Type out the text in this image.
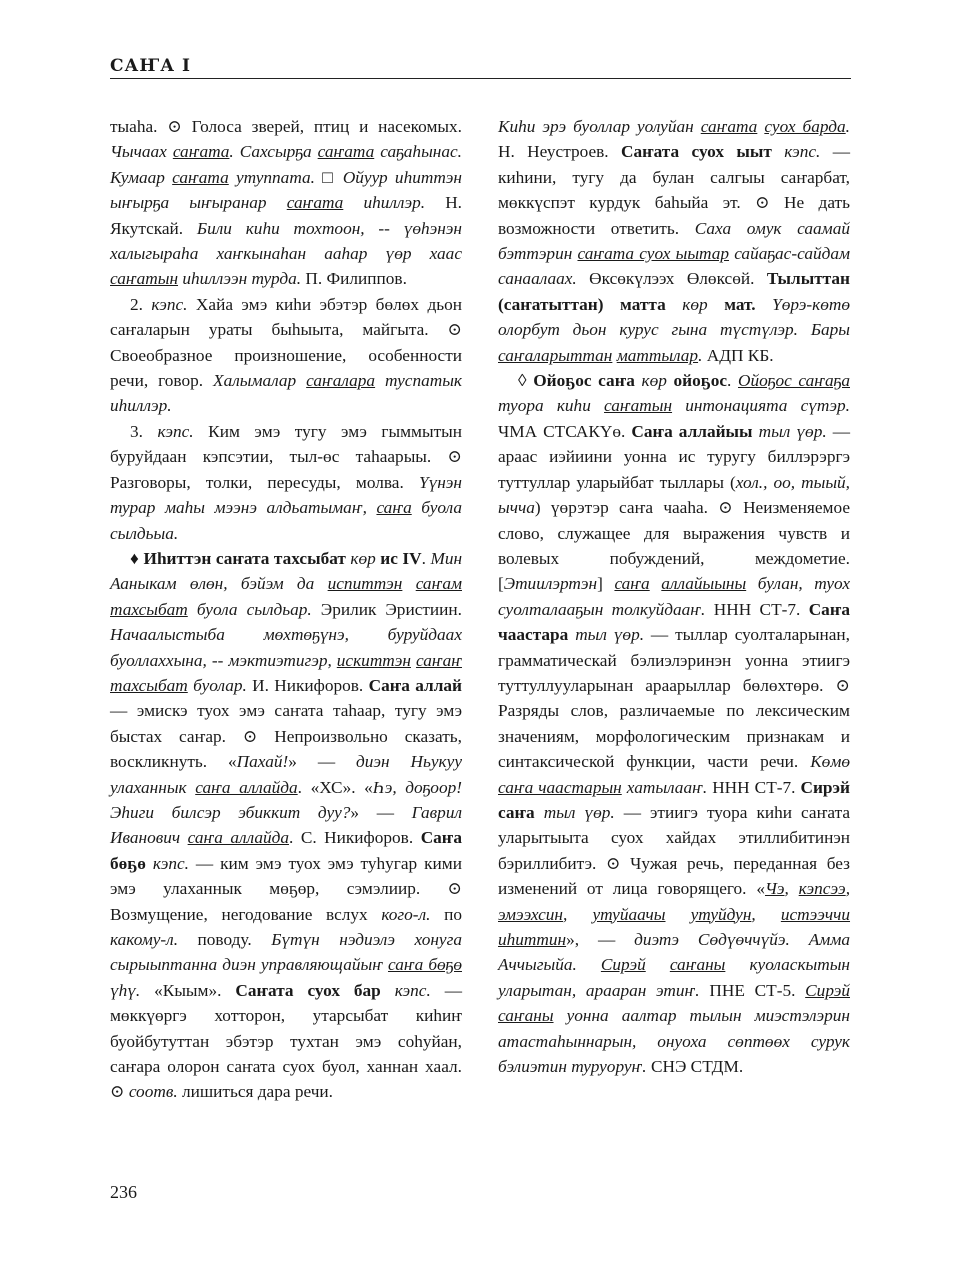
САҤА I

тыаһа. ⊙ Голоса зверей, птиц и насекомых. Чычаах саҥата. Сахсырҕа саҥата саҕаһынас. Кумаар саҥата утуппата. □ Ойуур иһиттэн ыҥырҕа ыҥыранар саҥата иһиллэр. Н. Якутскай. Били киһи тохтоон, -- үөһэнэн халыгыраһа хаҥкынаһан ааһар үөр хаас саҥатын иһиллээн турда. П. Филиппов.

2. кэпс. Хайа эмэ киһи эбэтэр бөлөх дьон саҥаларын ураты быһыыта, майгыта. ⊙ Своеобразное произношение, особенности речи, говор. Халымалар саҥалара туспатык иһиллэр.

3. кэпс. Ким эмэ тугу эмэ гыммытын буруйдаан кэпсэтии, тыл-өс таһаарыы. ⊙ Разговоры, толки, пересуды, молва. Үүнэн турар маһы мээнэ алдьатымаҥ, саҥа буола сылдьыа.

♦ Иһиттэн саҥата тахсыбат көр ис IV. Мин Ааныкам өлөн, бэйэм да испиттэн саҥам тахсыбат буола сылдьар. Эрилик Эристиин. Начаалыстыба мөхтөҕүнэ, буруйдаах буоллаххына, -- мэктиэтигэр, искиттэн саҥаҥ тахсыбат буолар. И. Никифоров. Саҥа аллай — эмискэ туох эмэ саҥата таһаар, тугу эмэ быстах саҥар. ⊙ Непроизвольно сказать, воскликнуть. «Пахай!» — диэн Ньукуу улаханнык саҥа аллайда. «ХС». «Һэ, доҕоор! Эһиги билсэр эбиккит дуу?» — Гаврил Иванович саҥа аллайда. С. Никифоров. Саҥа бөҕө кэпс. — ким эмэ туох эмэ туһугар кими эмэ улаханнык мөҕөр, сэмэлиир. ⊙ Возмущение, негодование вслух кого-л. по какому-л. поводу. Бүтүн нэдиэлэ хонуга сырыыптанна диэн управляющайыҥ саҥа бөҕө үһү. «Кыым». Саҥата суох бар кэпс. — мөккүөргэ хотторон, утарсыбат киһиҥ буойбутуттан эбэтэр тухтан эмэ соһуйан, саҥара олорон саҥата суох буол, ханнан хаал. ⊙ соотв. лишиться дара речи.

Киһи эрэ буоллар уолуйан саҥата суох барда. Н. Неустроев. Саҥата суох ыыт кэпс. — киһини, тугу да булан салгыы саҥарбат, мөккүспэт курдук баһыйа эт. ⊙ Не дать возможности ответить. Саха омук саамай бэттэрин саҥата суох ыытар сайаҕас-сайдам санаалаах. Өксөкүлээх Өлөксөй. Тылыттан (саҥатыттан) матта көр мат. Үөрэ-көтө олорбут дьон курус гына түстүлэр. Бары саҥаларыттан маттылар. АДП КБ.

◊ Ойоҕос саҥа көр ойоҕос. Ойоҕос саҥаҕа туора киһи саҥатын интонацията сүтэр. ЧМА СТСАКҮө. Саҥа аллайыы тыл үөр. — араас иэйиини уонна ис туругу биллэрэргэ туттуллар уларыйбат тыллары (хол., оо, тыый, ычча) үөрэтэр саҥа чааһа. ⊙ Неизменяемое слово, служащее для выражения чувств и волевых побуждений, междометие. [Этиилэртэн] саҥа аллайыыны булан, туох суолталааҕын толкуйдааҥ. ННН СТ-7. Саҥа чаастара тыл үөр. — тыллар суолталарынан, грамматическай бэлиэлэринэн уонна этиигэ туттуллууларынан араарыллар бөлөхтөрө. ⊙ Разряды слов, различаемые по лексическим значениям, морфологическим признакам и синтаксической функции, части речи. Көмө саҥа чаастарын хатылааҥ. ННН СТ-7. Сирэй саҥа тыл үөр. — этиигэ туора киһи саҥата уларытыыта суох хайдах этиллибитинэн бэриллибитэ. ⊙ Чужая речь, переданная без изменений от лица говорящего. «Чэ, кэпсээ, эмээхсин, утуйаачы утуйдун, истээччи иһиттин», — диэтэ Сөдүөччүйэ. Амма Аччыгыйа. Сирэй саҥаны куоласкытын уларытан, арааран этиҥ. ПНЕ СТ-5. Сирэй саҥаны уонна аалтар тылын миэстэлэрин атастаһыннарын, онуоха сөптөөх сурук бэлиэтин туруоруҥ. СНЭ СТДМ.

236
